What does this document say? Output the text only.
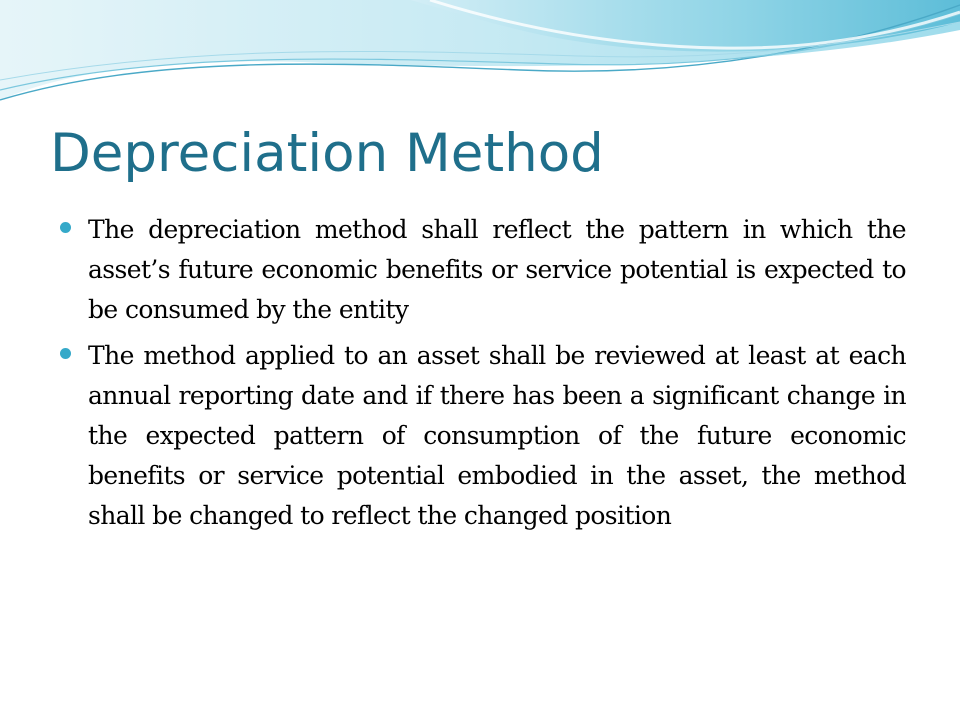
Depreciation Method
The depreciation method shall reflect the pattern in which the asset’s future economic benefits or service potential is expected to be consumed by the entity
The method applied to an asset shall be reviewed at least at each annual reporting date and if there has been a significant change in the expected pattern of consumption of the future economic benefits or service potential embodied in the asset, the method shall be changed to reflect the changed position
